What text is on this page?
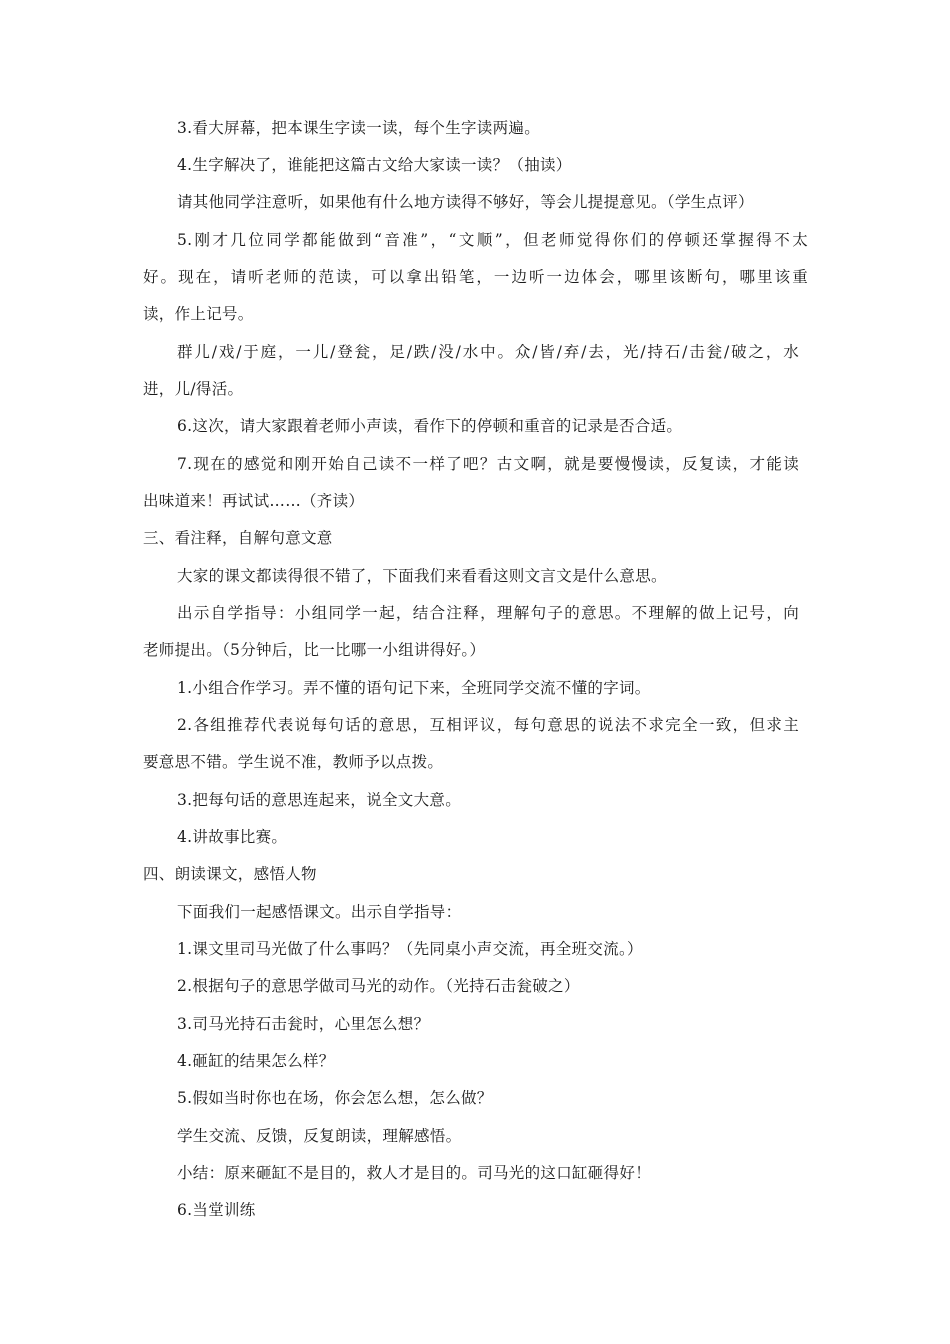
3.看大屏幕，把本课生字读一读，每个生字读两遍。
4.生字解决了，谁能把这篇古文给大家读一读？（抽读）
请其他同学注意听，如果他有什么地方读得不够好，等会儿提提意见。（学生点评）
5.刚才几位同学都能做到“音准”，“文顺”，但老师觉得你们的停顿还掌握得不太
好。现在，请听老师的范读，可以拿出铅笔，一边听一边体会，哪里该断句，哪里该重
读，作上记号。
群儿/戏/于庭，一儿/登瓮，足/跌/没/水中。众/皆/弃/去，光/持石/击瓮/破之，水
进，儿/得活。
6.这次，请大家跟着老师小声读，看作下的停顿和重音的记录是否合适。
7.现在的感觉和刚开始自己读不一样了吧？古文啊，就是要慢慢读，反复读，才能读
出味道来！再试试……（齐读）
三、看注释，自解句意文意
大家的课文都读得很不错了，下面我们来看看这则文言文是什么意思。
出示自学指导：小组同学一起，结合注释，理解句子的意思。不理解的做上记号，向
老师提出。（5分钟后，比一比哪一小组讲得好。）
1.小组合作学习。弄不懂的语句记下来，全班同学交流不懂的字词。
2.各组推荐代表说每句话的意思，互相评议，每句意思的说法不求完全一致，但求主
要意思不错。学生说不准，教师予以点拨。
3.把每句话的意思连起来，说全文大意。
4.讲故事比赛。
四、朗读课文，感悟人物
下面我们一起感悟课文。出示自学指导：
1.课文里司马光做了什么事吗？（先同桌小声交流，再全班交流。）
2.根据句子的意思学做司马光的动作。（光持石击瓮破之）
3.司马光持石击瓮时，心里怎么想？
4.砸缸的结果怎么样？
5.假如当时你也在场，你会怎么想，怎么做？
学生交流、反馈，反复朗读，理解感悟。
小结：原来砸缸不是目的，救人才是目的。司马光的这口缸砸得好！
6.当堂训练
